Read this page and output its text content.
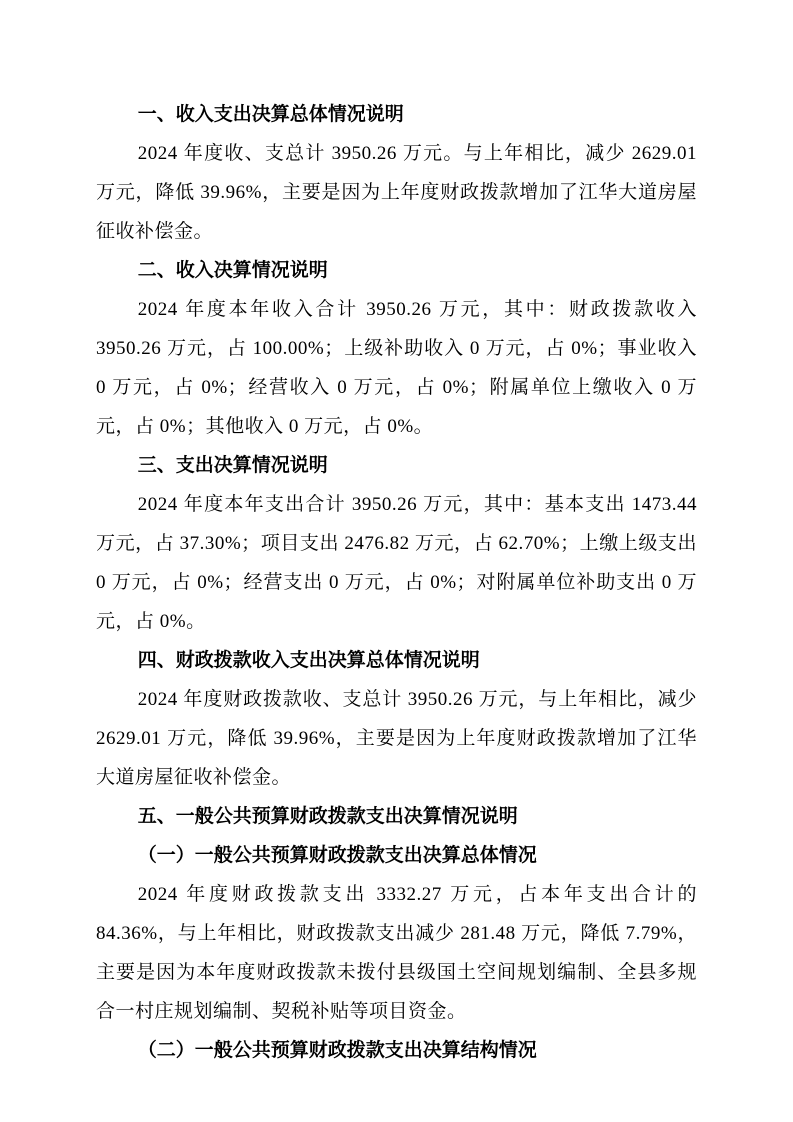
一、收入支出决算总体情况说明

2024 年度收、支总计 3950.26 万元。与上年相比，减少 2629.01 万元，降低 39.96%，主要是因为上年度财政拨款增加了江华大道房屋征收补偿金。

二、收入决算情况说明

2024 年度本年收入合计 3950.26 万元，其中：财政拨款收入 3950.26 万元，占 100.00%；上级补助收入 0 万元，占 0%；事业收入 0 万元，占 0%；经营收入 0 万元，占 0%；附属单位上缴收入 0 万元，占 0%；其他收入 0 万元，占 0%。

三、支出决算情况说明

2024 年度本年支出合计 3950.26 万元，其中：基本支出 1473.44 万元，占 37.30%；项目支出 2476.82 万元，占 62.70%；上缴上级支出 0 万元，占 0%；经营支出 0 万元，占 0%；对附属单位补助支出 0 万元，占 0%。

四、财政拨款收入支出决算总体情况说明

2024 年度财政拨款收、支总计 3950.26 万元，与上年相比，减少 2629.01 万元，降低 39.96%，主要是因为上年度财政拨款增加了江华大道房屋征收补偿金。

五、一般公共预算财政拨款支出决算情况说明
（一）一般公共预算财政拨款支出决算总体情况

2024 年度财政拨款支出 3332.27 万元，占本年支出合计的 84.36%，与上年相比，财政拨款支出减少 281.48 万元，降低 7.79%，主要是因为本年度财政拨款未拨付县级国土空间规划编制、全县多规合一村庄规划编制、契税补贴等项目资金。

（二）一般公共预算财政拨款支出决算结构情况
